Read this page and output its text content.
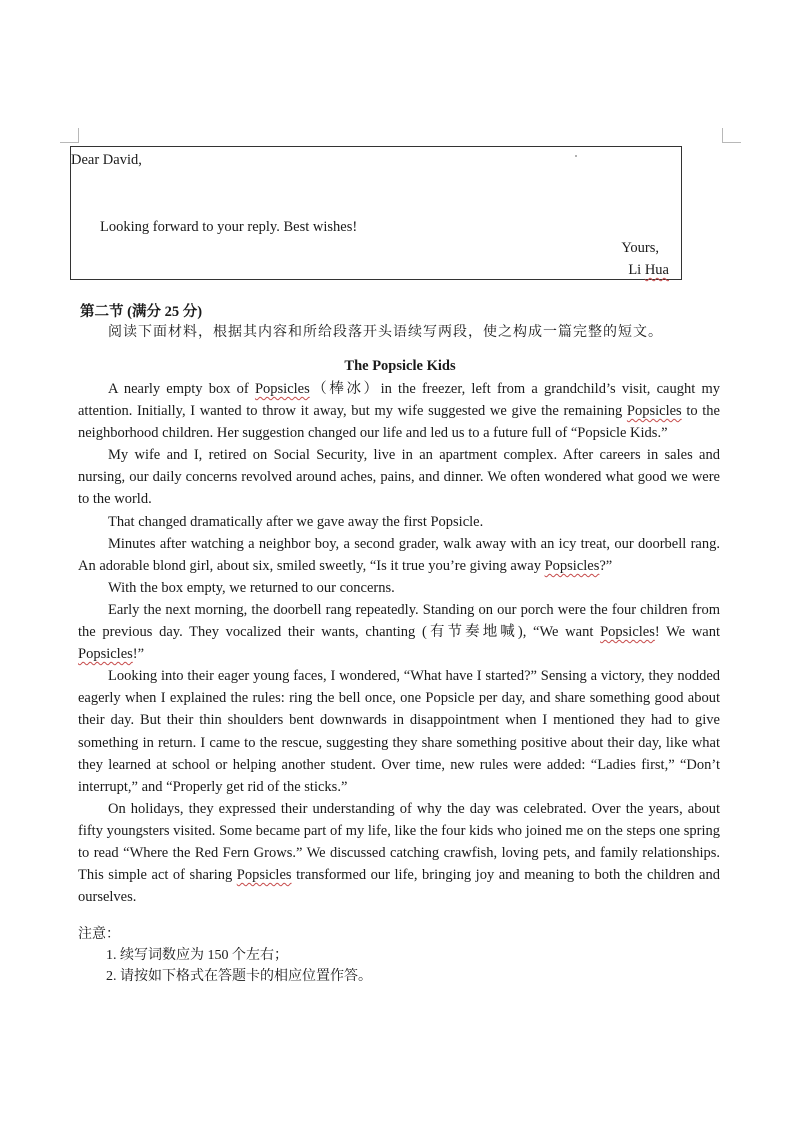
Dear David,
Looking forward to your reply. Best wishes!
Yours,
Li Hua
第二节 (满分 25 分)
阅读下面材料，根据其内容和所给段落开头语续写两段，使之构成一篇完整的短文。
The Popsicle Kids

A nearly empty box of Popsicles（棒冰）in the freezer, left from a grandchild’s visit, caught my attention. Initially, I wanted to throw it away, but my wife suggested we give the remaining Popsicles to the neighborhood children. Her suggestion changed our life and led us to a future full of “Popsicle Kids.”

My wife and I, retired on Social Security, live in an apartment complex. After careers in sales and nursing, our daily concerns revolved around aches, pains, and dinner. We often wondered what good we were to the world.

That changed dramatically after we gave away the first Popsicle.

Minutes after watching a neighbor boy, a second grader, walk away with an icy treat, our doorbell rang. An adorable blond girl, about six, smiled sweetly, “Is it true you’re giving away Popsicles?”

With the box empty, we returned to our concerns.

Early the next morning, the doorbell rang repeatedly. Standing on our porch were the four children from the previous day. They vocalized their wants, chanting (有节奏地喊), “We want Popsicles! We want Popsicles!”

Looking into their eager young faces, I wondered, “What have I started?” Sensing a victory, they nodded eagerly when I explained the rules: ring the bell once, one Popsicle per day, and share something good about their day. But their thin shoulders bent downwards in disappointment when I mentioned they had to give something in return. I came to the rescue, suggesting they share something positive about their day, like what they learned at school or helping another student. Over time, new rules were added: “Ladies first,” “Don’t interrupt,” and “Properly get rid of the sticks.”

On holidays, they expressed their understanding of why the day was celebrated. Over the years, about fifty youngsters visited. Some became part of my life, like the four kids who joined me on the steps one spring to read “Where the Red Fern Grows.” We discussed catching crawfish, loving pets, and family relationships. This simple act of sharing Popsicles transformed our life, bringing joy and meaning to both the children and ourselves.

注意：
1. 续写词数应为 150 个左右；
2. 请按如下格式在答题卡的相应位置作答。
